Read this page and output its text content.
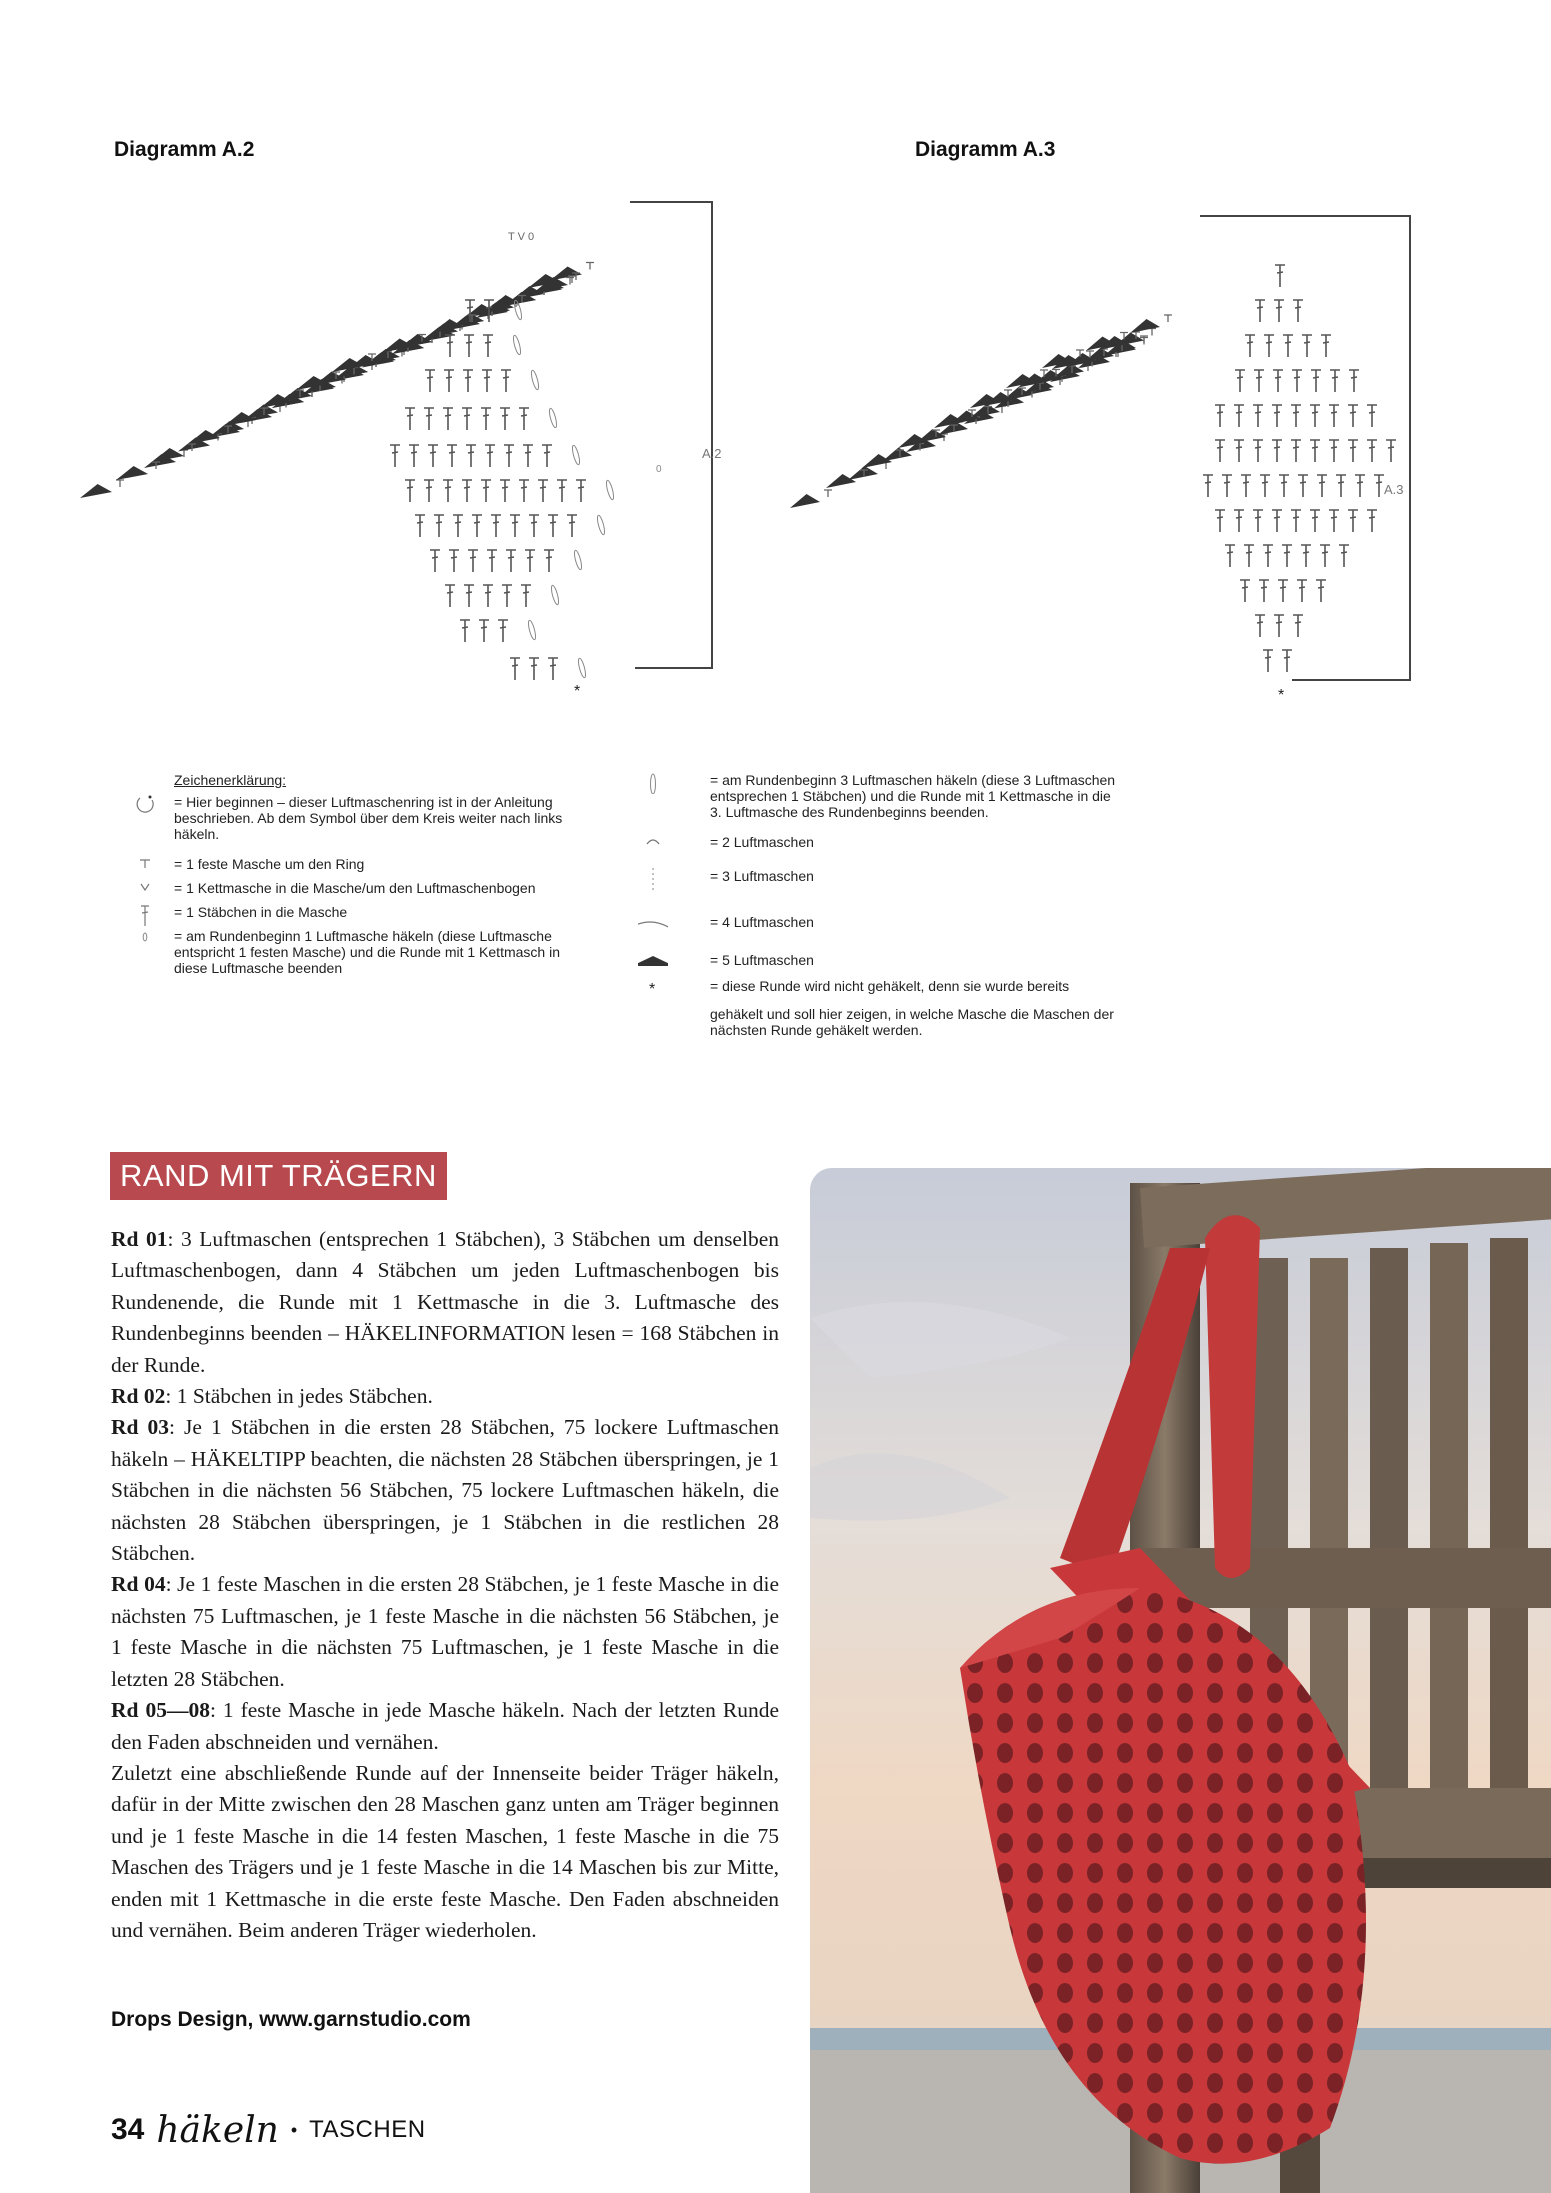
Diagramm A.2	Diagramm A.3
A.2
0
T V 0
*
A.3
*
Zeichenerklärung:
= Hier beginnen – dieser Luftmaschenring ist in der Anleitung beschrieben. Ab dem Symbol über dem Kreis weiter nach links häkeln.
= 1 feste Masche um den Ring
= 1 Kettmasche in die Masche/um den Luftmaschenbogen
= 1 Stäbchen in die Masche
= am Rundenbeginn 1 Luftmasche häkeln (diese Luftmasche entspricht 1 festen Masche) und die Runde mit 1 Kettmasch in diese Luftmasche beenden
= am Rundenbeginn 3 Luftmaschen häkeln (diese 3 Luftmaschen entsprechen 1 Stäbchen) und die Runde mit 1 Kettmasche in die 3. Luftmasche des Rundenbeginns beenden.
= 2 Luftmaschen
= 3 Luftmaschen
= 4 Luftmaschen
= 5 Luftmaschen
*	= diese Runde wird nicht gehäkelt, denn sie wurde bereits
gehäkelt und soll hier zeigen, in welche Masche die Maschen der nächsten Runde gehäkelt werden.
RAND MIT TRÄGERN

Rd 01: 3 Luftmaschen (entsprechen 1 Stäbchen), 3 Stäbchen um denselben Luftmaschenbogen, dann 4 Stäbchen um jeden Luftmaschenbogen bis Rundenende, die Runde mit 1 Kettmasche in die 3. Luftmasche des Rundenbeginns beenden – HÄKELINFORMATION lesen = 168 Stäbchen in der Runde.

Rd 02: 1 Stäbchen in jedes Stäbchen.

Rd 03: Je 1 Stäbchen in die ersten 28 Stäbchen, 75 lockere Luftmaschen häkeln – HÄKELTIPP beachten, die nächsten 28 Stäbchen überspringen, je 1 Stäbchen in die nächsten 56 Stäbchen, 75 lockere Luftmaschen häkeln, die nächsten 28 Stäbchen überspringen, je 1 Stäbchen in die restlichen 28 Stäbchen.

Rd 04: Je 1 feste Maschen in die ersten 28 Stäbchen, je 1 feste Masche in die nächsten 75 Luftmaschen, je 1 feste Masche in die nächsten 56 Stäbchen, je 1 feste Masche in die nächsten 75 Luftmaschen, je 1 feste Masche in die letzten 28 Stäbchen.

Rd 05—08: 1 feste Masche in jede Masche häkeln. Nach der letzten Runde den Faden abschneiden und vernähen.

Zuletzt eine abschließende Runde auf der Innenseite beider Träger häkeln, dafür in der Mitte zwischen den 28 Maschen ganz unten am Träger beginnen und je 1 feste Masche in die 14 festen Maschen, 1 feste Masche in die 75 Maschen des Trägers und je 1 feste Masche in die 14 Maschen bis zur Mitte, enden mit 1 Kettmasche in die erste feste Masche. Den Faden abschneiden und vernähen. Beim anderen Träger wiederholen.

Drops Design, www.garnstudio.com
34 häkeln • TASCHEN
